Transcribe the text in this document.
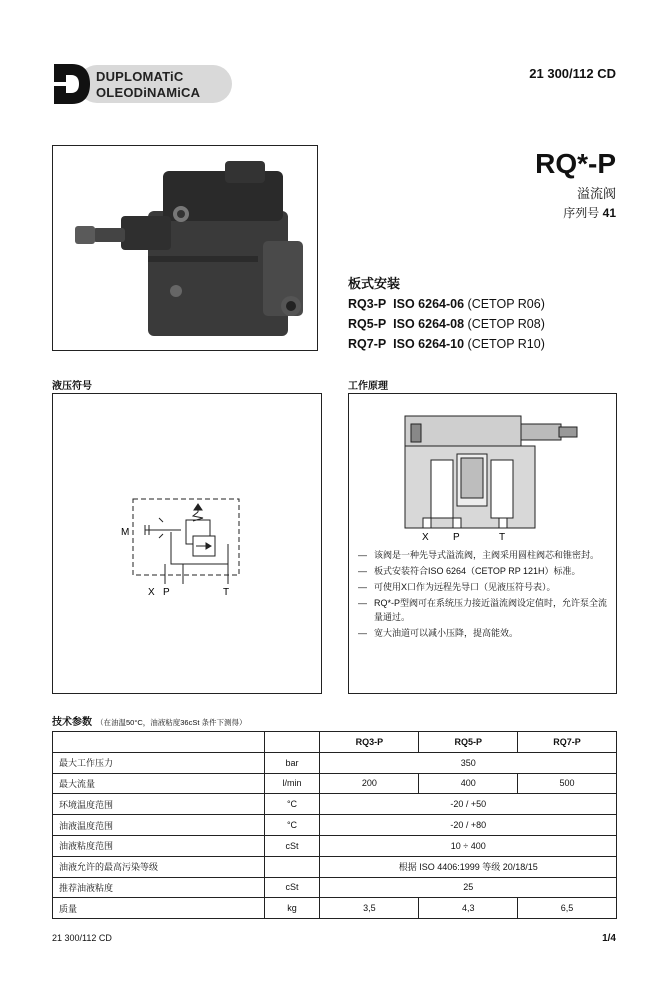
DUPLOMATiC
OLEODiNAMiCA
21 300/112 CD
RQ*-P
溢流阀
序列号 41
板式安装
RQ3-P ISO 6264-06 (CETOP R06)
RQ5-P ISO 6264-08 (CETOP R08)
RQ7-P ISO 6264-10 (CETOP R10)
液压符号
M
X P	T
工作原理
X P	T
— 该阀是一种先导式溢流阀，主阀采用圆柱阀芯和锥密封。
— 板式安装符合ISO 6264（CETOP RP 121H）标准。
— 可使用X口作为远程先导口（见液压符号表）。
— RQ*-P型阀可在系统压力接近溢流阀设定值时，允许泵全流量通过。
— 宽大油道可以减小压降，提高能效。
技术参数 （在油温50°C，油液粘度36cSt 条件下测得）
		RQ3-P	RQ5-P	RQ7-P
最大工作压力	bar	350		
最大流量	l/min	200	400	500
环境温度范围	°C	-20 / +50		
油液温度范围	°C	-20 / +80		
油液粘度范围	cSt	10 ÷ 400		
油液允许的最高污染等级		根据 ISO 4406:1999 等级 20/18/15		
推荐油液粘度	cSt	25		
质量	kg	3,5	4,3	6,5
21 300/112 CD	1/4
